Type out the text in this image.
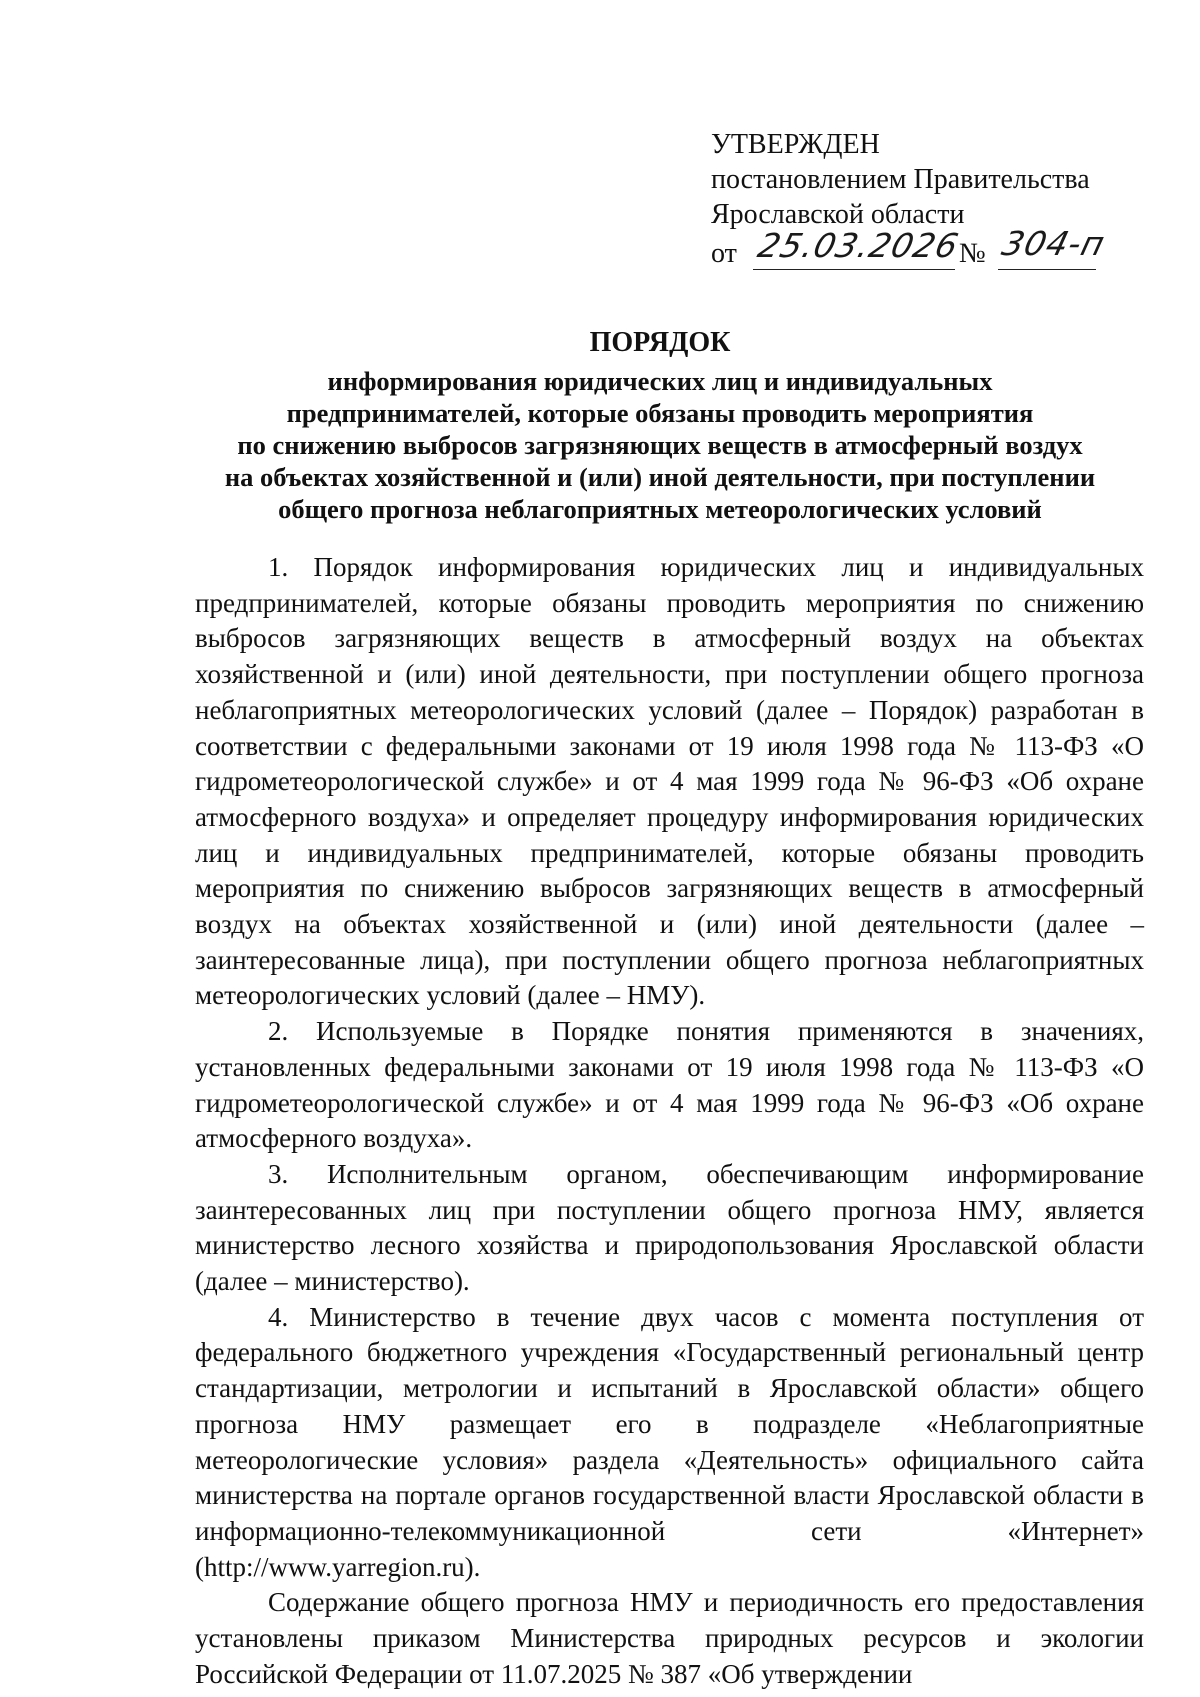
УТВЕРЖДЕН
постановлением Правительства
Ярославской области
от 25.03.2026
№ 304-п
ПОРЯДОК
информирования юридических лиц и индивидуальных
предпринимателей, которые обязаны проводить мероприятия
по снижению выбросов загрязняющих веществ в атмосферный воздух
на объектах хозяйственной и (или) иной деятельности, при поступлении
общего прогноза неблагоприятных метеорологических условий

1. Порядок информирования юридических лиц и индивидуальных предпринимателей, которые обязаны проводить мероприятия по снижению выбросов загрязняющих веществ в атмосферный воздух на объектах хозяйственной и (или) иной деятельности, при поступлении общего прогноза неблагоприятных метеорологических условий (далее – Порядок) разработан в соответствии с федеральными законами от 19 июля 1998 года № 113-ФЗ «О гидрометеорологической службе» и от 4 мая 1999 года № 96-ФЗ «Об охране атмосферного воздуха» и определяет процедуру информирования юридических лиц и индивидуальных предпринимателей, которые обязаны проводить мероприятия по снижению выбросов загрязняющих веществ в атмосферный воздух на объектах хозяйственной и (или) иной деятельности (далее – заинтересованные лица), при поступлении общего прогноза неблагоприятных метеорологических условий (далее – НМУ).

2. Используемые в Порядке понятия применяются в значениях, установленных федеральными законами от 19 июля 1998 года № 113-ФЗ «О гидрометеорологической службе» и от 4 мая 1999 года № 96-ФЗ «Об охране атмосферного воздуха».

3. Исполнительным органом, обеспечивающим информирование заинтересованных лиц при поступлении общего прогноза НМУ, является министерство лесного хозяйства и природопользования Ярославской области (далее – министерство).

4. Министерство в течение двух часов с момента поступления от федерального бюджетного учреждения «Государственный региональный центр стандартизации, метрологии и испытаний в Ярославской области» общего прогноза НМУ размещает его в подразделе «Неблагоприятные метеорологические условия» раздела «Деятельность» официального сайта министерства на портале органов государственной власти Ярославской области в информационно-телекоммуникационной сети «Интернет» (http://www.yarregion.ru).

Содержание общего прогноза НМУ и периодичность его предоставления установлены приказом Министерства природных ресурсов и экологии Российской Федерации от 11.07.2025 № 387 «Об утверждении
